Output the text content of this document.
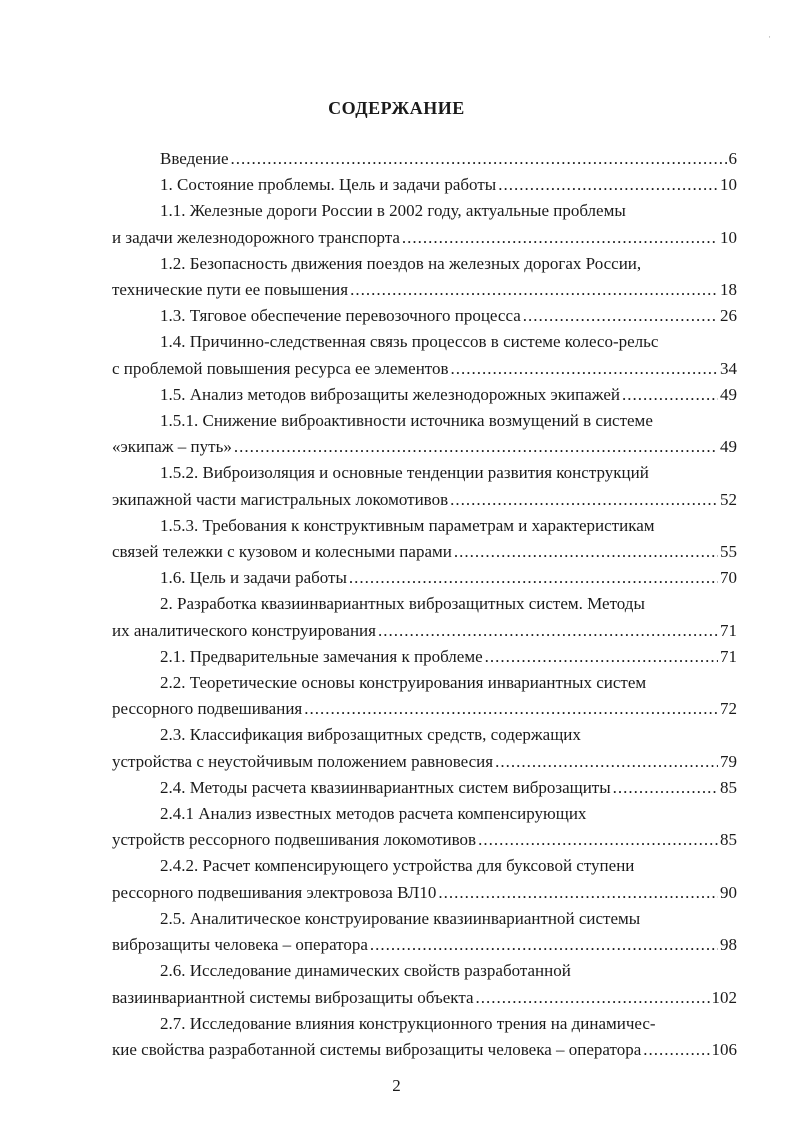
СОДЕРЖАНИЕ
·
Введение .....	6
1. Состояние проблемы. Цель и задачи работы .....	10
1.1. Железные дороги России в 2002 году, актуальные проблемы
и задачи железнодорожного транспорта .....	10
1.2. Безопасность движения поездов на железных дорогах России,
технические пути ее повышения .....	18
1.3. Тяговое обеспечение перевозочного процесса .....	26
1.4. Причинно-следственная связь процессов в системе колесо-рельс
с проблемой повышения ресурса ее элементов .....	34
1.5. Анализ методов виброзащиты железнодорожных экипажей .....	49
1.5.1. Снижение виброактивности источника возмущений в системе
«экипаж – путь» .....	49
1.5.2. Виброизоляция и основные тенденции развития конструкций
экипажной части магистральных локомотивов .....	52
1.5.3. Требования к конструктивным параметрам и характеристикам
связей тележки с кузовом и колесными парами .....	55
1.6. Цель и задачи работы .....	70
2. Разработка квазиинвариантных виброзащитных систем. Методы
их аналитического конструирования .....	71
2.1. Предварительные замечания к проблеме .....	71
2.2. Теоретические основы конструирования инвариантных систем
рессорного подвешивания .....	72
2.3. Классификация виброзащитных средств, содержащих
устройства с неустойчивым положением равновесия .....	79
2.4. Методы расчета квазиинвариантных систем виброзащиты .....	85
2.4.1 Анализ известных методов расчета компенсирующих
устройств рессорного подвешивания локомотивов .....	85
2.4.2. Расчет компенсирующего устройства для буксовой ступени
рессорного подвешивания электровоза ВЛ10 .....	90
2.5. Аналитическое конструирование квазиинвариантной системы
виброзащиты человека – оператора .....	98
2.6. Исследование динамических свойств разработанной
вазиинвариантной системы виброзащиты объекта .....	102
2.7. Исследование влияния конструкционного трения на динамичес-
кие свойства разработанной системы виброзащиты человека – оператора .....	106
2
